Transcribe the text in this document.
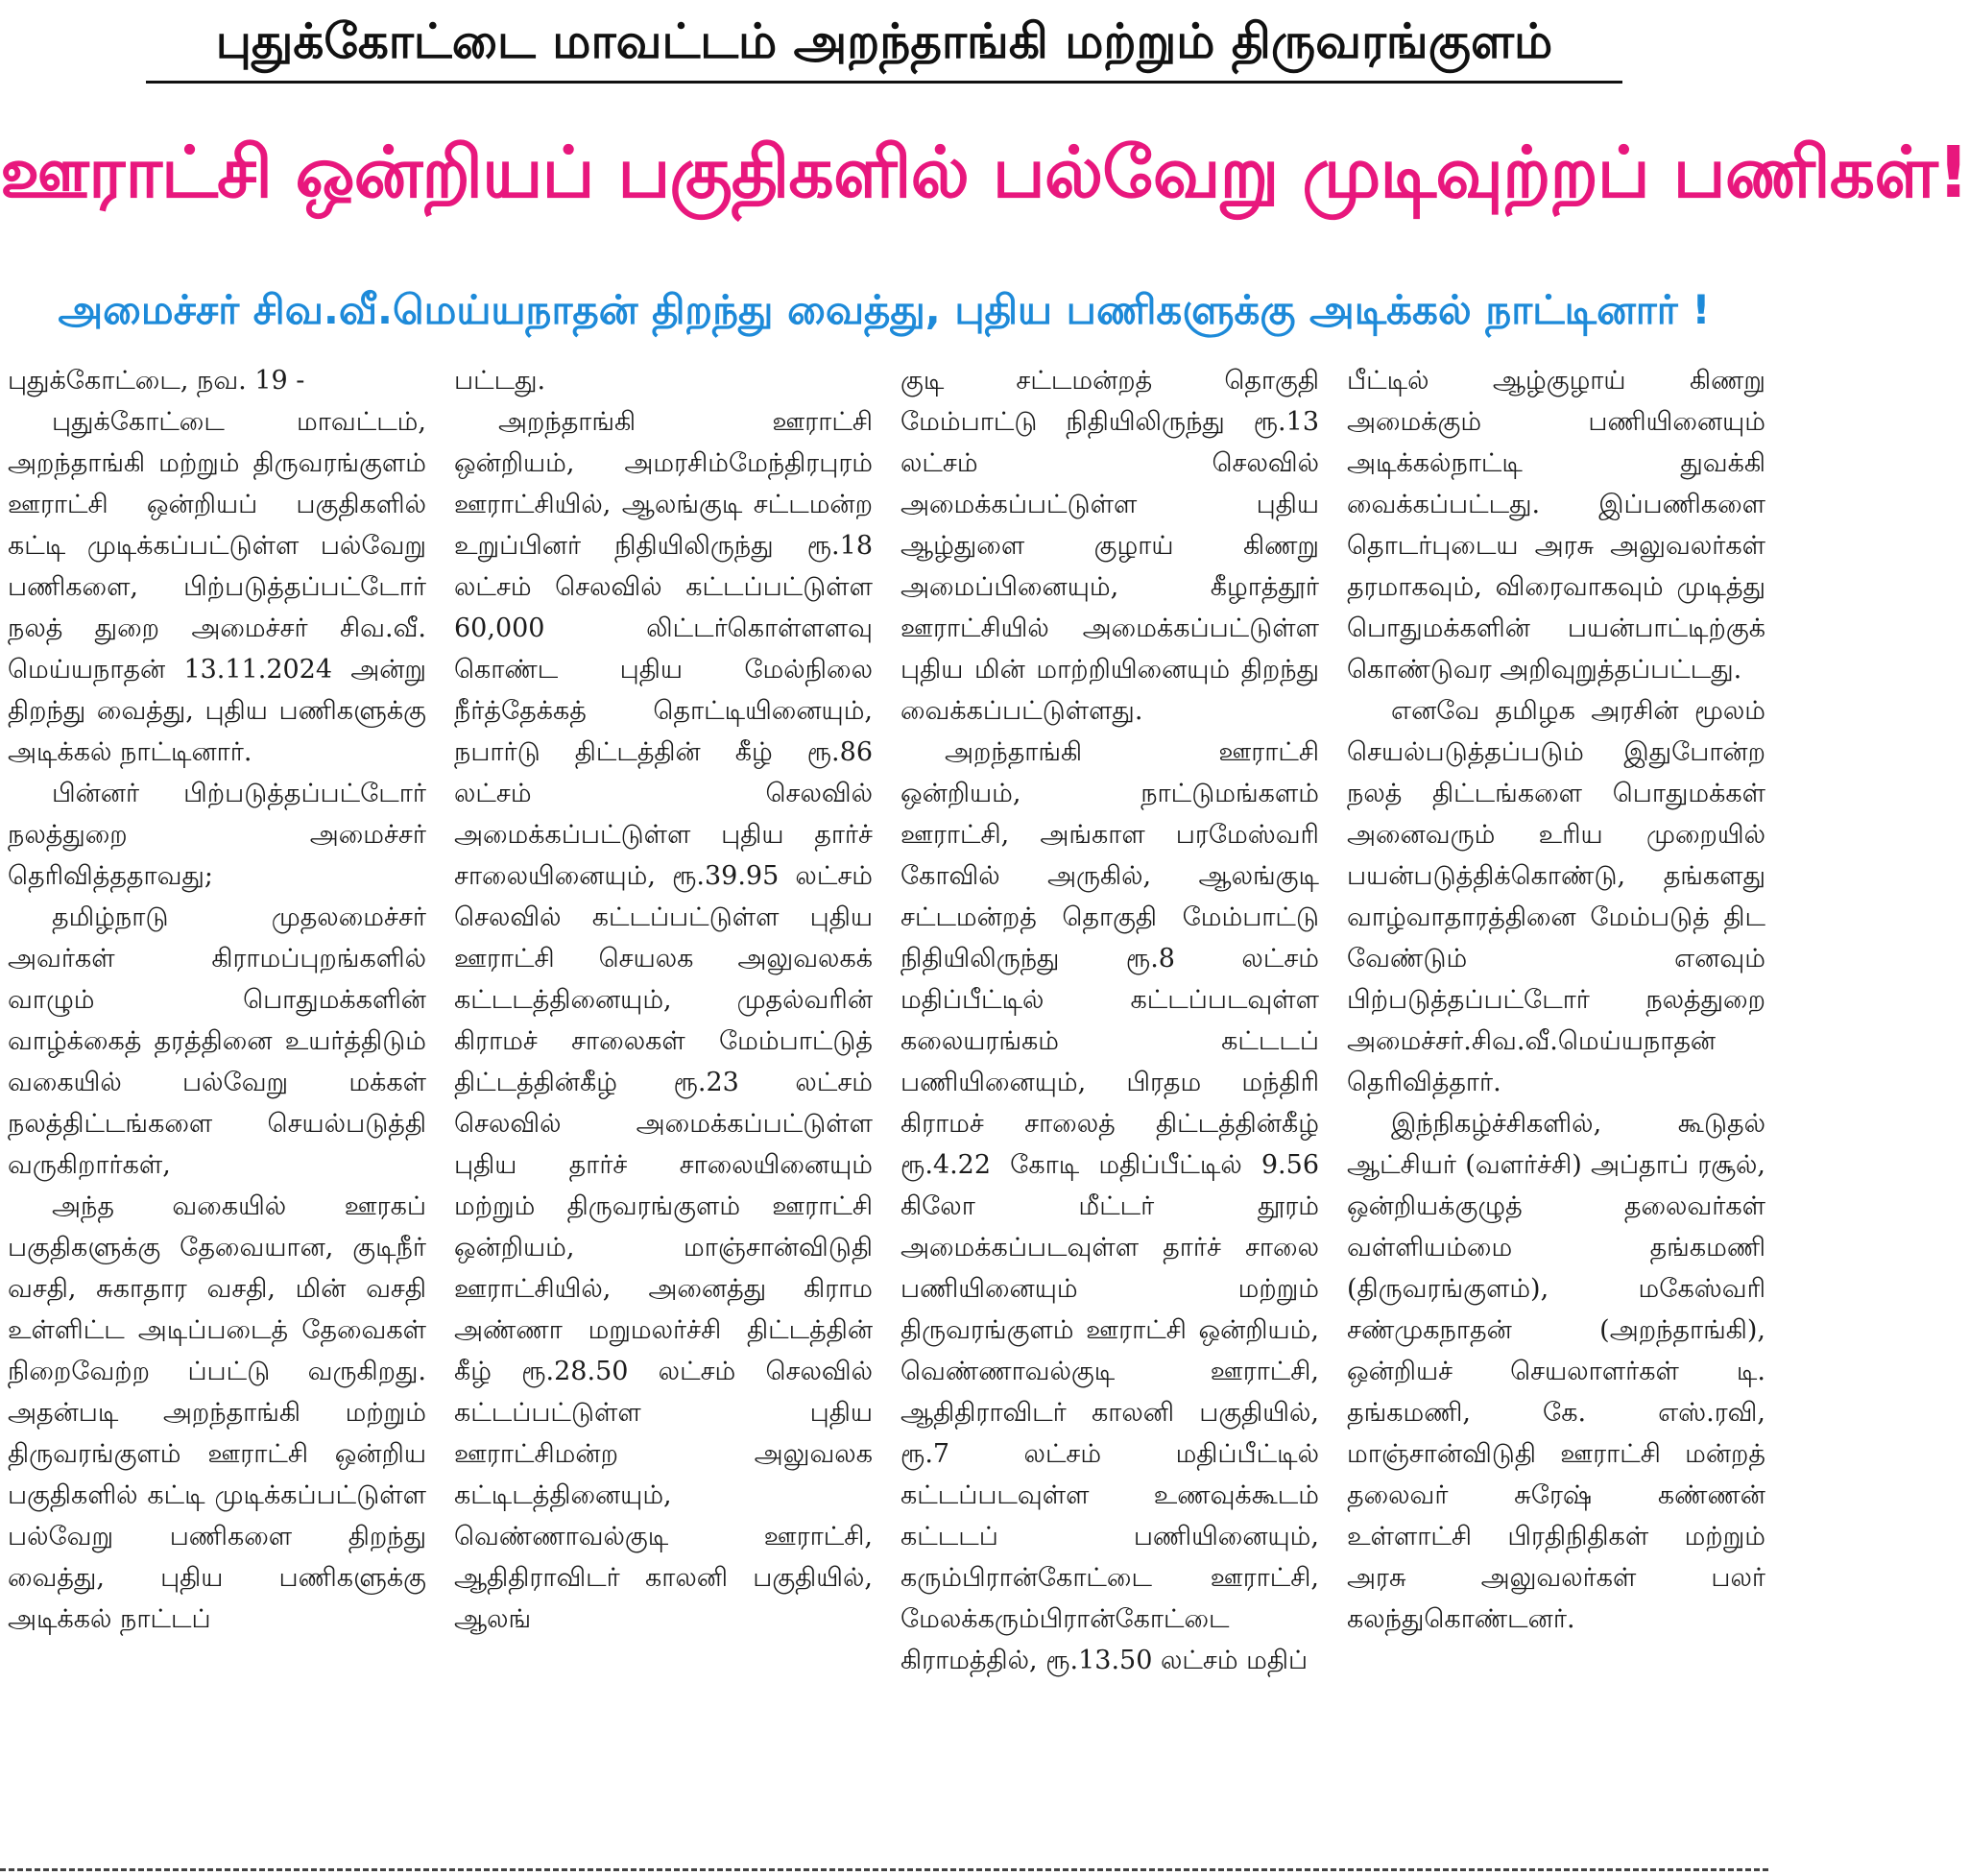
புதுக்கோட்டை மாவட்டம் அறந்தாங்கி மற்றும் திருவரங்குளம்
ஊராட்சி ஒன்றியப் பகுதிகளில் பல்வேறு முடிவுற்றப் பணிகள்!
அமைச்சர் சிவ.வீ.மெய்யநாதன் திறந்து வைத்து, புதிய பணிகளுக்கு அடிக்கல் நாட்டினார் !

புதுக்கோட்டை, நவ. 19 -

புதுக்கோட்டை மாவட்டம், அறந்தாங்கி மற்றும் திருவரங்குளம் ஊராட்சி ஒன்றியப் பகுதிகளில் கட்டி முடிக்கப்பட்டுள்ள பல்வேறு பணிகளை, பிற்படுத்தப்பட்டோர் நலத் துறை அமைச்சர் சிவ.வீ. மெய்யநாதன் 13.11.2024 அன்று திறந்து வைத்து, புதிய பணிகளுக்கு அடிக்கல் நாட்டினார்.

பின்னர் பிற்படுத்தப்பட்டோர் நலத்துறை அமைச்சர் தெரிவித்ததாவது;

தமிழ்நாடு முதலமைச்சர் அவர்கள் கிராமப்புறங்களில் வாழும் பொதுமக்களின் வாழ்க்கைத் தரத்தினை உயர்த்திடும் வகையில் பல்வேறு மக்கள் நலத்திட்டங்களை செயல்படுத்தி வருகிறார்கள்,

அந்த வகையில் ஊரகப் பகுதிகளுக்கு தேவையான, குடிநீர் வசதி, சுகாதார வசதி, மின் வசதி உள்ளிட்ட அடிப்படைத் தேவைகள் நிறைவேற்ற ப்பட்டு வருகிறது. அதன்படி அறந்தாங்கி மற்றும் திருவரங்குளம் ஊராட்சி ஒன்றிய பகுதிகளில் கட்டி முடிக்கப்பட்டுள்ள பல்வேறு பணிகளை திறந்து வைத்து, புதிய பணிகளுக்கு அடிக்கல் நாட்டப்

பட்டது.

அறந்தாங்கி ஊராட்சி ஒன்றியம், அமரசிம்மேந்திரபுரம் ஊராட்சியில், ஆலங்குடி சட்டமன்ற உறுப்பினர் நிதியிலிருந்து ரூ.18 லட்சம் செலவில் கட்டப்பட்டுள்ள 60,000 லிட்டர்கொள்ளளவு கொண்ட புதிய மேல்நிலை நீர்த்தேக்கத் தொட்டியினையும், நபார்டு திட்டத்தின் கீழ் ரூ.86 லட்சம் செலவில் அமைக்கப்பட்டுள்ள புதிய தார்ச் சாலையினையும், ரூ.39.95 லட்சம் செலவில் கட்டப்பட்டுள்ள புதிய ஊராட்சி செயலக அலுவலகக் கட்டடத்தினையும், முதல்வரின் கிராமச் சாலைகள் மேம்பாட்டுத் திட்டத்தின்கீழ் ரூ.23 லட்சம் செலவில் அமைக்கப்பட்டுள்ள புதிய தார்ச் சாலையினையும் மற்றும் திருவரங்குளம் ஊராட்சி ஒன்றியம், மாஞ்சான்விடுதி ஊராட்சியில், அனைத்து கிராம அண்ணா மறுமலர்ச்சி திட்டத்தின் கீழ் ரூ.28.50 லட்சம் செலவில் கட்டப்பட்டுள்ள புதிய ஊராட்சிமன்ற அலுவலக கட்டிடத்தினையும், வெண்ணாவல்குடி ஊராட்சி, ஆதிதிராவிடர் காலனி பகுதியில், ஆலங்

குடி சட்டமன்றத் தொகுதி மேம்பாட்டு நிதியிலிருந்து ரூ.13 லட்சம் செலவில் அமைக்கப்பட்டுள்ள புதிய ஆழ்துளை குழாய் கிணறு அமைப்பினையும், கீழாத்தூர் ஊராட்சியில் அமைக்கப்பட்டுள்ள புதிய மின் மாற்றியினையும் திறந்து வைக்கப்பட்டுள்ளது.

அறந்தாங்கி ஊராட்சி ஒன்றியம், நாட்டுமங்களம் ஊராட்சி, அங்காள பரமேஸ்வரி கோவில் அருகில், ஆலங்குடி சட்டமன்றத் தொகுதி மேம்பாட்டு நிதியிலிருந்து ரூ.8 லட்சம் மதிப்பீட்டில் கட்டப்படவுள்ள கலையரங்கம் கட்டடப் பணியினையும், பிரதம மந்திரி கிராமச் சாலைத் திட்டத்தின்கீழ் ரூ.4.22 கோடி மதிப்பீட்டில் 9.56 கிலோ மீட்டர் தூரம் அமைக்கப்படவுள்ள தார்ச் சாலை பணியினையும் மற்றும் திருவரங்குளம் ஊராட்சி ஒன்றியம், வெண்ணாவல்குடி ஊராட்சி, ஆதிதிராவிடர் காலனி பகுதியில், ரூ.7 லட்சம் மதிப்பீட்டில் கட்டப்படவுள்ள உணவுக்கூடம் கட்டடப் பணியினையும், கரும்பிரான்கோட்டை ஊராட்சி, மேலக்கரும்பிரான்கோட்டை கிராமத்தில், ரூ.13.50 லட்சம் மதிப்

பீட்டில் ஆழ்குழாய் கிணறு அமைக்கும் பணியினையும் அடிக்கல்நாட்டி துவக்கி வைக்கப்பட்டது. இப்பணிகளை தொடர்புடைய அரசு அலுவலர்கள் தரமாகவும், விரைவாகவும் முடித்து பொதுமக்களின் பயன்பாட்டிற்குக் கொண்டுவர அறிவுறுத்தப்பட்டது.

எனவே தமிழக அரசின் மூலம் செயல்படுத்தப்படும் இதுபோன்ற நலத் திட்டங்களை பொதுமக்கள் அனைவரும் உரிய முறையில் பயன்படுத்திக்கொண்டு, தங்களது வாழ்வாதாரத்தினை மேம்படுத் திட வேண்டும் எனவும் பிற்படுத்தப்பட்டோர் நலத்துறை அமைச்சர்.சிவ.வீ.மெய்யநாதன் தெரிவித்தார்.

இந்நிகழ்ச்சிகளில், கூடுதல் ஆட்சியர் (வளர்ச்சி) அப்தாப் ரசூல், ஒன்றியக்குழுத் தலைவர்கள் வள்ளியம்மை தங்கமணி (திருவரங்குளம்), மகேஸ்வரி சண்முகநாதன் (அறந்தாங்கி), ஒன்றியச் செயலாளர்கள் டி. தங்கமணி, கே. எஸ்.ரவி, மாஞ்சான்விடுதி ஊராட்சி மன்றத் தலைவர் சுரேஷ் கண்ணன் உள்ளாட்சி பிரதிநிதிகள் மற்றும் அரசு அலுவலர்கள் பலர் கலந்துகொண்டனர்.
